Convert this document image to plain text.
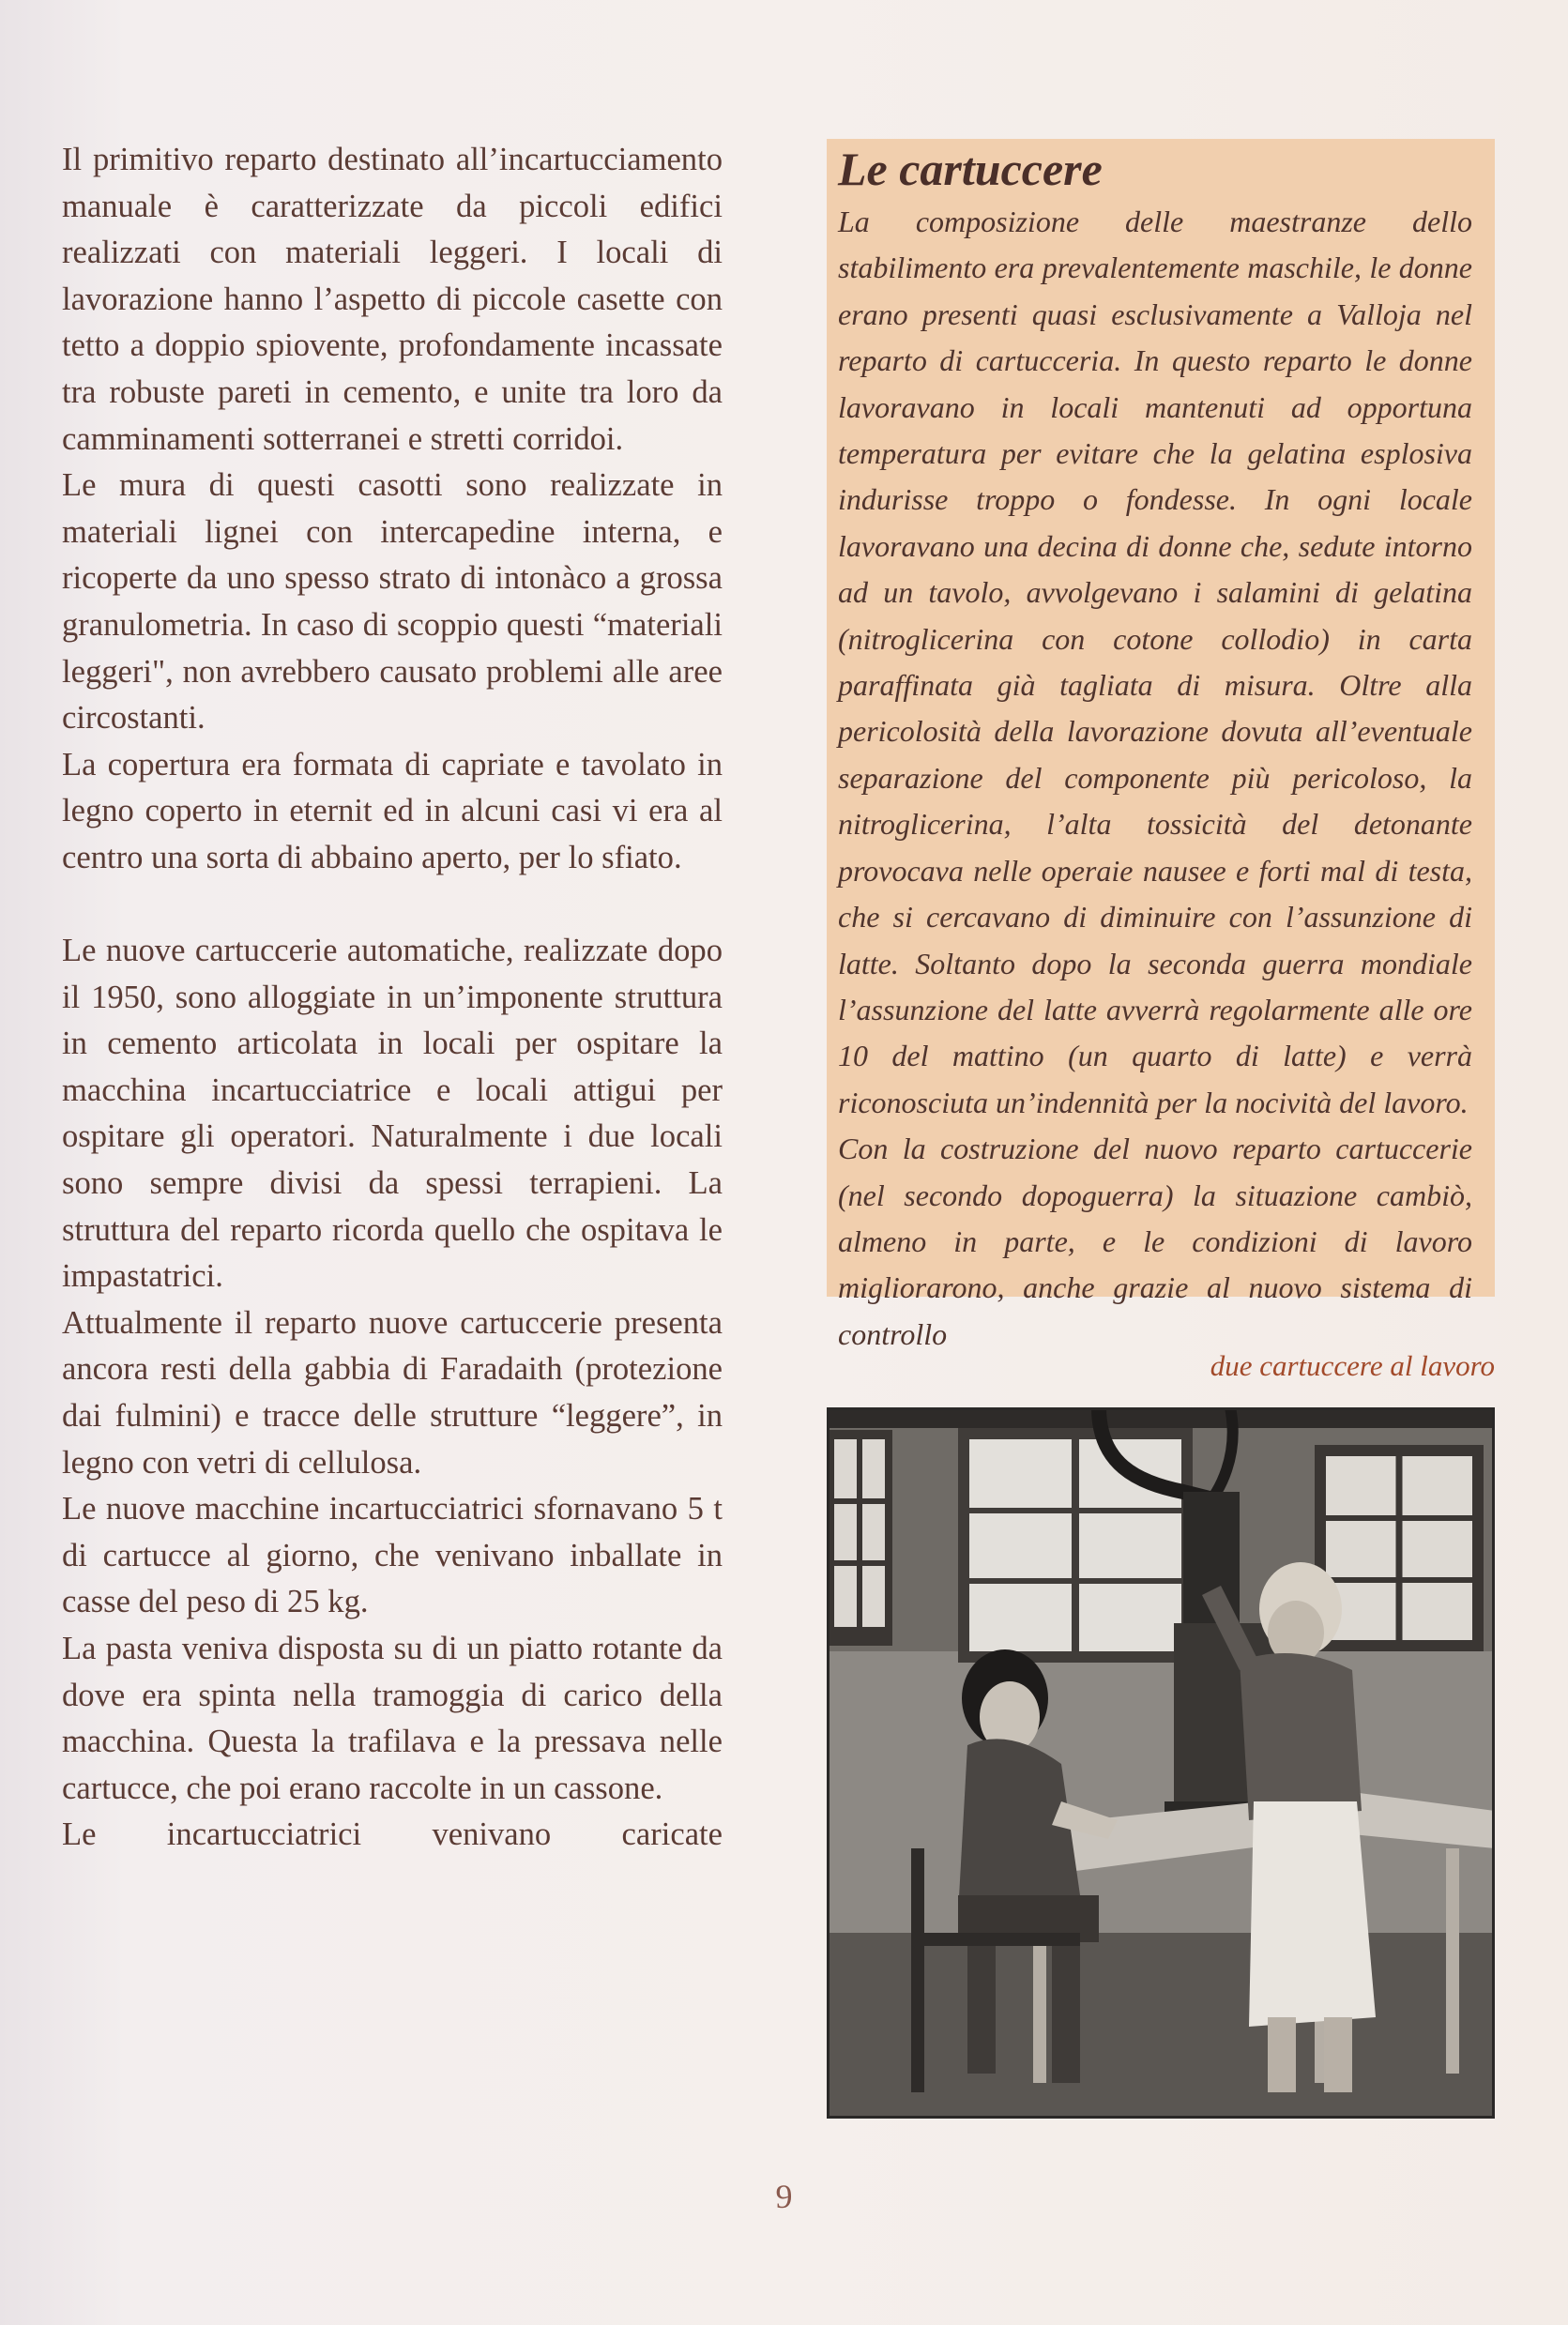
Il primitivo reparto destinato all’incartucciamento manuale è caratterizzate da piccoli edifici realizzati con materiali leggeri. I locali di lavorazione hanno l’aspetto di piccole casette con tetto a doppio spiovente, profondamente incassate tra robuste pareti in cemento, e unite tra loro da camminamenti sotterranei e stretti corridoi.

Le mura di questi casotti sono realizzate in materiali lignei con intercapedine interna, e ricoperte da uno spesso strato di intonàco a grossa granulometria. In caso di scoppio questi “materiali leggeri", non avrebbero causato problemi alle aree circostanti.

La copertura era formata di capriate e tavolato in legno coperto in eternit ed in alcuni casi vi era al centro una sorta di abbaino aperto, per lo sfiato.

Le nuove cartuccerie automatiche, realizzate dopo il 1950, sono alloggiate in un’imponente struttura in cemento articolata in locali per ospitare la macchina incartucciatrice e locali attigui per ospitare gli operatori. Naturalmente i due locali sono sempre divisi da spessi terrapieni. La struttura del reparto ricorda quello che ospitava le impastatrici.

Attualmente il reparto nuove cartuccerie presenta ancora resti della gabbia di Faradaith (protezione dai fulmini) e tracce delle strutture “leggere”, in legno con vetri di cellulosa.

Le nuove macchine incartucciatrici sfornavano 5 t di cartucce al giorno, che venivano inballate in casse del peso di 25 kg.

La pasta veniva disposta su di un piatto rotante da dove era spinta nella tramoggia di carico della macchina. Questa la trafilava e la pressava nelle cartucce, che poi erano raccolte in un cassone.

Le incartucciatrici venivano caricate

Le cartuccere

La composizione delle maestranze dello stabilimento era prevalentemente maschile, le donne erano presenti quasi esclusivamente a Valloja nel reparto di cartucceria. In questo reparto le donne lavoravano in locali mantenuti ad opportuna temperatura per evitare che la gelatina esplosiva indurisse troppo o fondesse. In ogni locale lavoravano una decina di donne che, sedute intorno ad un tavolo, avvolgevano i salamini di gelatina (nitroglicerina con cotone collodio) in carta paraffinata già tagliata di misura. Oltre alla pericolosità della lavorazione dovuta all’eventuale separazione del componente più pericoloso, la nitroglicerina, l’alta tossicità del detonante provocava nelle operaie nausee e forti mal di testa, che si cercavano di diminuire con l’assunzione di latte. Soltanto dopo la seconda guerra mondiale l’assunzione del latte avverrà regolarmente alle ore 10 del mattino (un quarto di latte) e verrà riconosciuta un’indennità per la nocività del lavoro.

Con la costruzione del nuovo reparto cartuccerie (nel secondo dopoguerra) la situazione cambiò, almeno in parte, e le condizioni di lavoro migliorarono, anche grazie al nuovo sistema di controllo

due cartuccere al lavoro
9
